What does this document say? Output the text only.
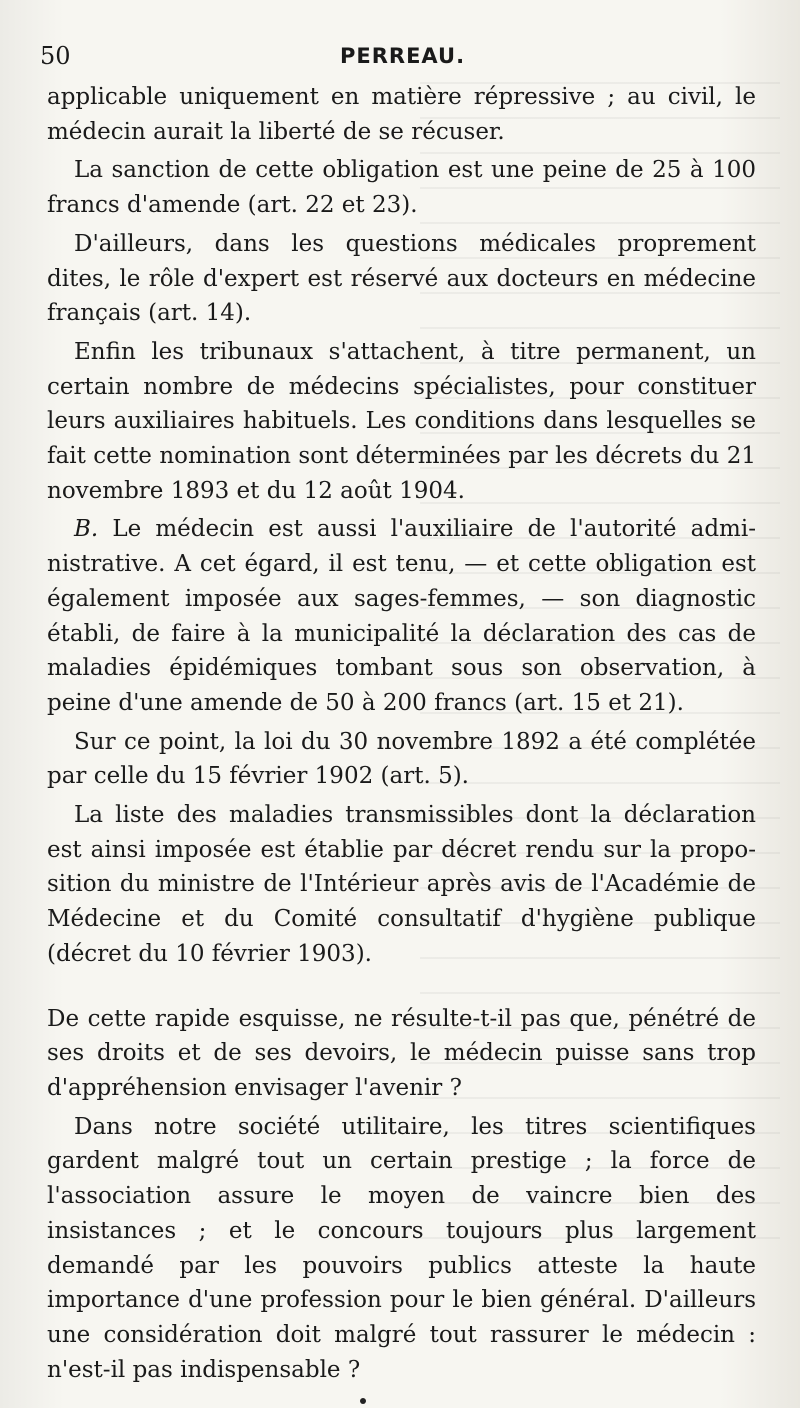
50	PERREAU.

applicable uniquement en matière répressive ; au civil, le médecin aurait la liberté de se récuser.

La sanction de cette obligation est une peine de 25 à 100 francs d'amende (art. 22 et 23).

D'ailleurs, dans les questions médicales proprement dites, le rôle d'expert est réservé aux docteurs en médecine français (art. 14).

Enfin les tribunaux s'attachent, à titre permanent, un certain nombre de médecins spécialistes, pour constituer leurs auxiliaires habituels. Les conditions dans lesquelles se fait cette nomination sont déterminées par les décrets du 21 novembre 1893 et du 12 août 1904.

B. Le médecin est aussi l'auxiliaire de l'autorité administrative. A cet égard, il est tenu, — et cette obligation est également imposée aux sages-femmes, — son diagnostic établi, de faire à la municipalité la déclaration des cas de maladies épidémiques tombant sous son observation, à peine d'une amende de 50 à 200 francs (art. 15 et 21).

Sur ce point, la loi du 30 novembre 1892 a été complétée par celle du 15 février 1902 (art. 5).

La liste des maladies transmissibles dont la déclaration est ainsi imposée est établie par décret rendu sur la proposition du ministre de l'Intérieur après avis de l'Académie de Médecine et du Comité consultatif d'hygiène publique (décret du 10 février 1903).

De cette rapide esquisse, ne résulte-t-il pas que, pénétré de ses droits et de ses devoirs, le médecin puisse sans trop d'appréhension envisager l'avenir ?

Dans notre société utilitaire, les titres scientifiques gardent malgré tout un certain prestige ; la force de l'association assure le moyen de vaincre bien des insistances ; et le concours toujours plus largement demandé par les pouvoirs publics atteste la haute importance d'une profession pour le bien général. D'ailleurs une considération doit malgré tout rassurer le médecin : n'est-il pas indispensable ?
